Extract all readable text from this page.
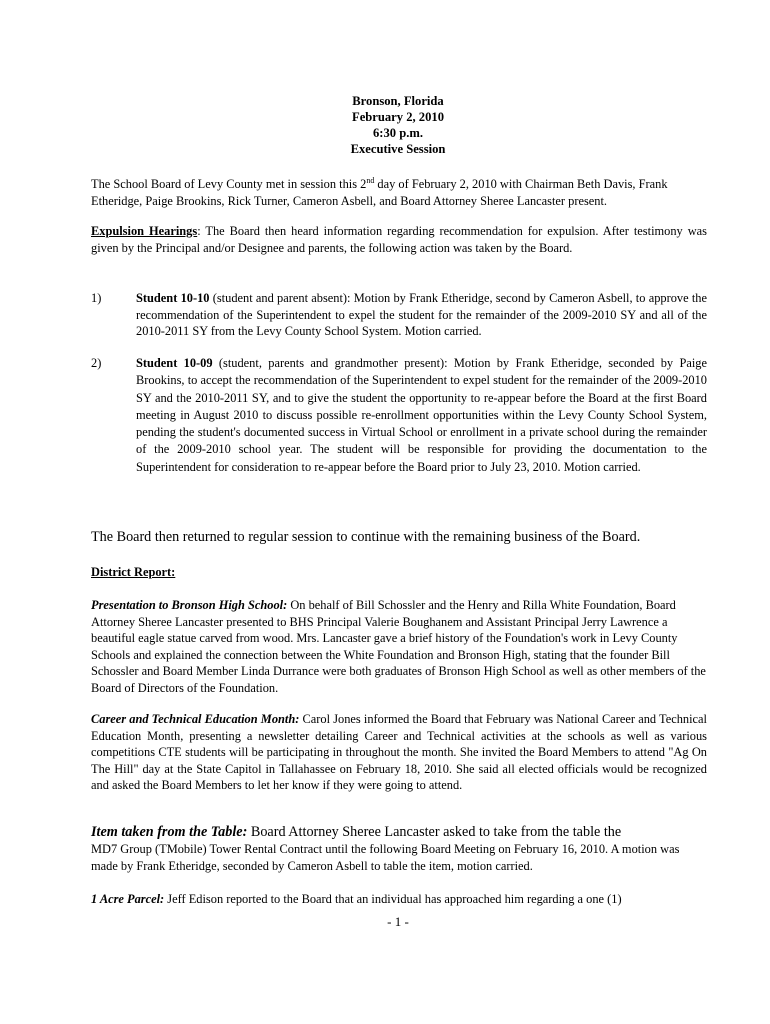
Bronson, Florida
February 2, 2010
6:30 p.m.
Executive Session
The School Board of Levy County met in session this 2nd day of February 2, 2010 with Chairman Beth Davis, Frank Etheridge, Paige Brookins, Rick Turner, Cameron Asbell, and Board Attorney Sheree Lancaster present.
Expulsion Hearings: The Board then heard information regarding recommendation for expulsion. After testimony was given by the Principal and/or Designee and parents, the following action was taken by the Board.
1)	Student 10-10 (student and parent absent): Motion by Frank Etheridge, second by Cameron Asbell, to approve the recommendation of the Superintendent to expel the student for the remainder of the 2009-2010 SY and all of the 2010-2011 SY from the Levy County School System. Motion carried.
2)	Student 10-09 (student, parents and grandmother present): Motion by Frank Etheridge, seconded by Paige Brookins, to accept the recommendation of the Superintendent to expel student for the remainder of the 2009-2010 SY and the 2010-2011 SY, and to give the student the opportunity to re-appear before the Board at the first Board meeting in August 2010 to discuss possible re-enrollment opportunities within the Levy County School System, pending the student's documented success in Virtual School or enrollment in a private school during the remainder of the 2009-2010 school year. The student will be responsible for providing the documentation to the Superintendent for consideration to re-appear before the Board prior to July 23, 2010. Motion carried.
The Board then returned to regular session to continue with the remaining business of the Board.
District Report:
Presentation to Bronson High School: On behalf of Bill Schossler and the Henry and Rilla White Foundation, Board Attorney Sheree Lancaster presented to BHS Principal Valerie Boughanem and Assistant Principal Jerry Lawrence a beautiful eagle statue carved from wood. Mrs. Lancaster gave a brief history of the Foundation's work in Levy County Schools and explained the connection between the White Foundation and Bronson High, stating that the founder Bill Schossler and Board Member Linda Durrance were both graduates of Bronson High School as well as other members of the Board of Directors of the Foundation.
Career and Technical Education Month: Carol Jones informed the Board that February was National Career and Technical Education Month, presenting a newsletter detailing Career and Technical activities at the schools as well as various competitions CTE students will be participating in throughout the month. She invited the Board Members to attend "Ag On The Hill" day at the State Capitol in Tallahassee on February 18, 2010. She said all elected officials would be recognized and asked the Board Members to let her know if they were going to attend.
Item taken from the Table: Board Attorney Sheree Lancaster asked to take from the table the
MD7 Group (TMobile) Tower Rental Contract until the following Board Meeting on February 16, 2010. A motion was made by Frank Etheridge, seconded by Cameron Asbell to table the item, motion carried.
1 Acre Parcel: Jeff Edison reported to the Board that an individual has approached him regarding a one (1)
- 1 -
